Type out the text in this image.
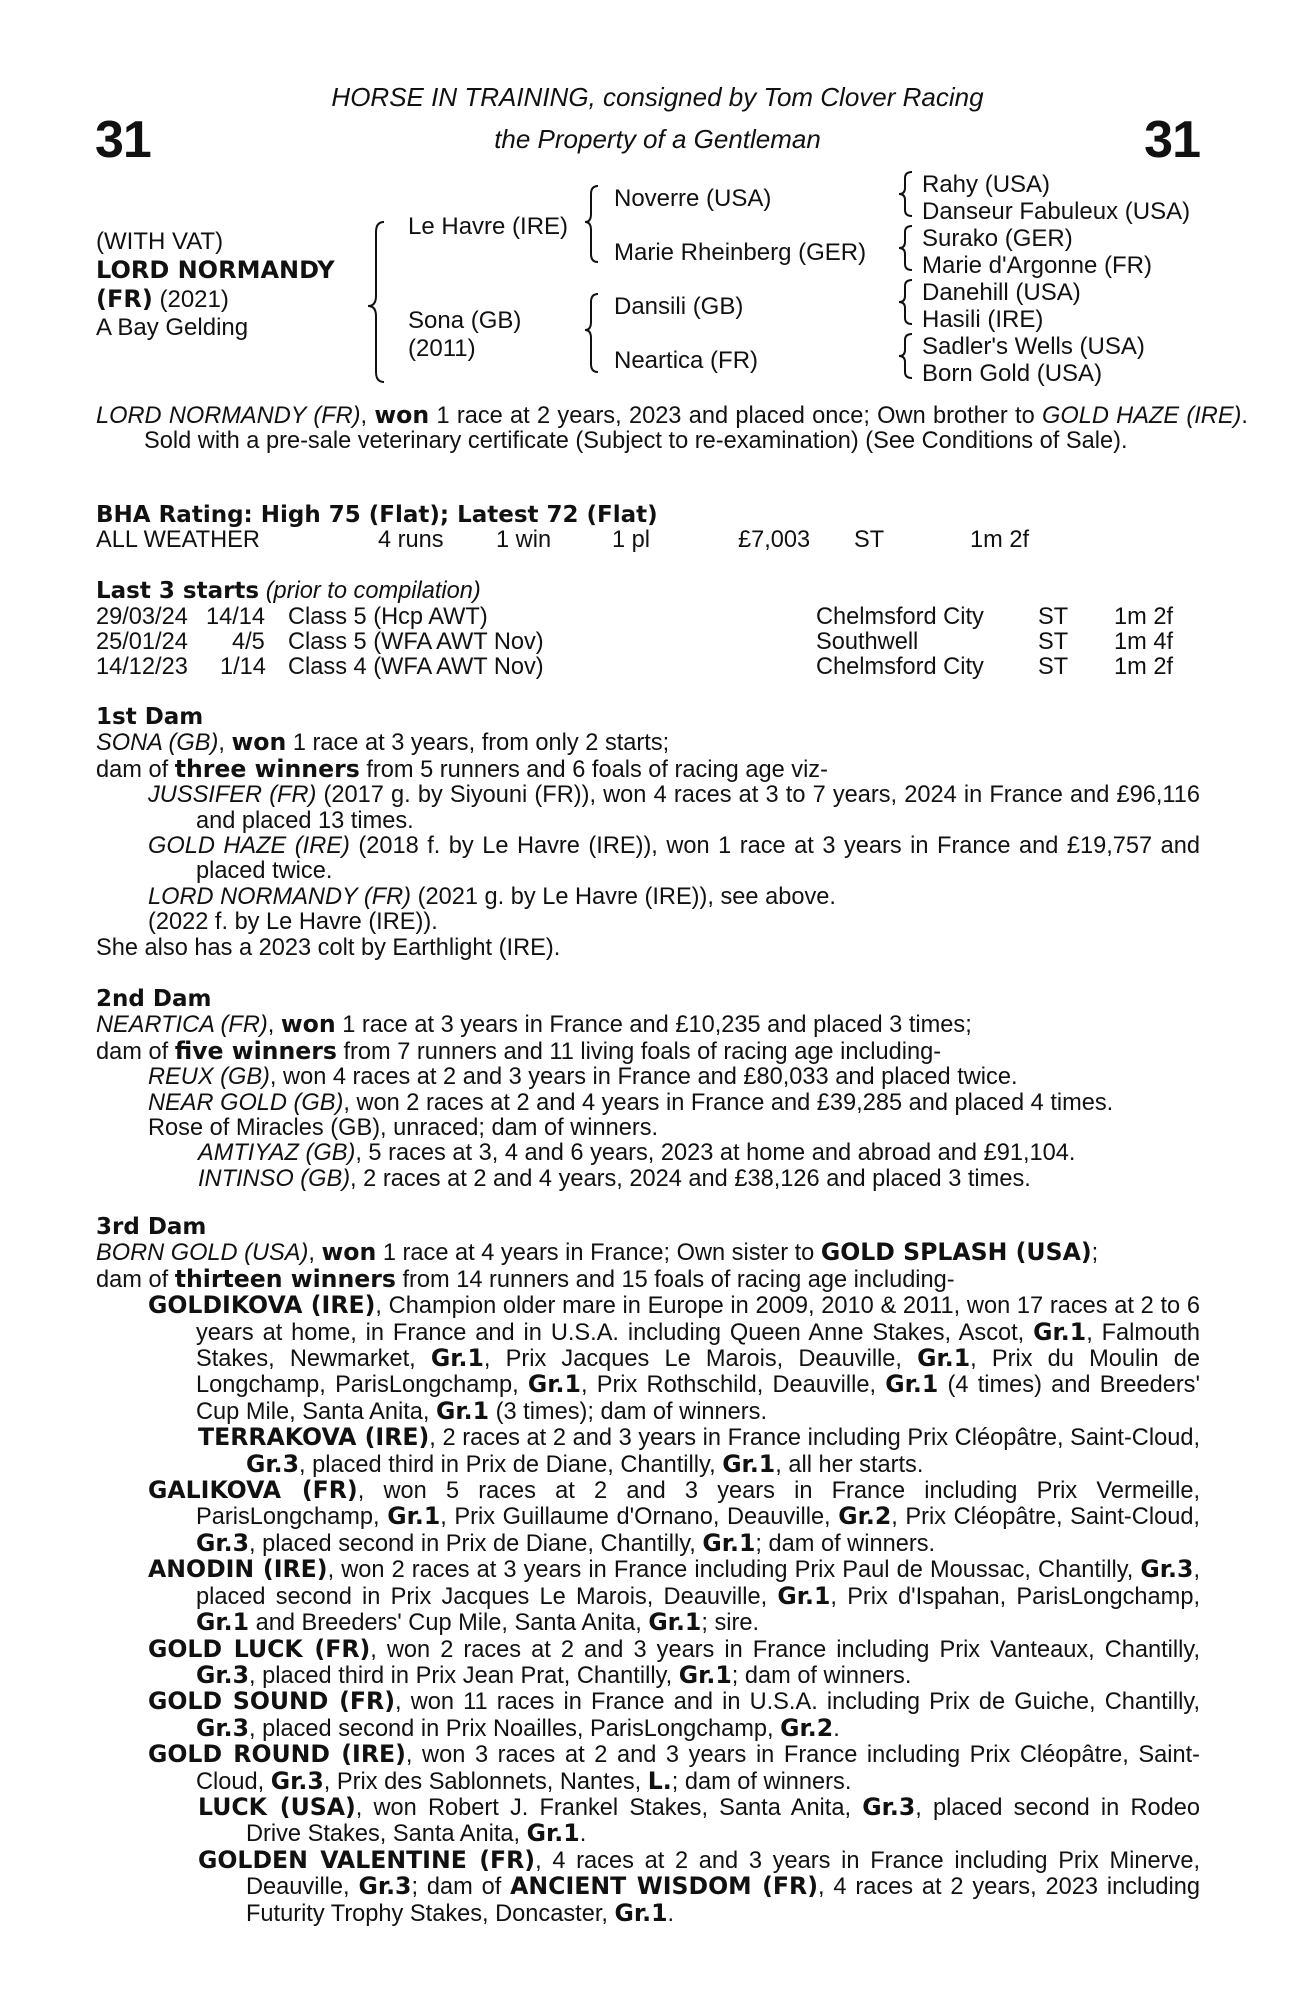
31	31
HORSE IN TRAINING, consigned by Tom Clover Racing
the Property of a Gentleman
(WITH VAT)
LORD NORMANDY
(FR) (2021)
A Bay Gelding
Le Havre (IRE)
Sona (GB)
(2011)
Noverre (USA)
Marie Rheinberg (GER)
Dansili (GB)
Neartica (FR)
Rahy (USA)
Danseur Fabuleux (USA)
Surako (GER)
Marie d'Argonne (FR)
Danehill (USA)
Hasili (IRE)
Sadler's Wells (USA)
Born Gold (USA)
LORD NORMANDY (FR), won 1 race at 2 years, 2023 and placed once; Own brother to GOLD HAZE (IRE). Sold with a pre-sale veterinary certificate (Subject to re-examination) (See Conditions of Sale).
BHA Rating: High 75 (Flat); Latest 72 (Flat)
ALL WEATHER	4 runs 1 win	1 pl	£7,003 ST	1m 2f
Last 3 starts (prior to compilation)
29/03/24 14/14 Class 5 (Hcp AWT)	Chelmsford City ST 1m 2f
25/01/24 4/5 Class 5 (WFA AWT Nov)	Southwell	ST 1m 4f
14/12/23 1/14 Class 4 (WFA AWT Nov)	Chelmsford City ST 1m 2f

1st Dam

SONA (GB), won 1 race at 3 years, from only 2 starts;

dam of three winners from 5 runners and 6 foals of racing age viz-

JUSSIFER (FR) (2017 g. by Siyouni (FR)), won 4 races at 3 to 7 years, 2024 in France and £96,116 and placed 13 times.

GOLD HAZE (IRE) (2018 f. by Le Havre (IRE)), won 1 race at 3 years in France and £19,757 and placed twice.

LORD NORMANDY (FR) (2021 g. by Le Havre (IRE)), see above.

(2022 f. by Le Havre (IRE)).

She also has a 2023 colt by Earthlight (IRE).

2nd Dam

NEARTICA (FR), won 1 race at 3 years in France and £10,235 and placed 3 times;

dam of five winners from 7 runners and 11 living foals of racing age including-

REUX (GB), won 4 races at 2 and 3 years in France and £80,033 and placed twice.

NEAR GOLD (GB), won 2 races at 2 and 4 years in France and £39,285 and placed 4 times.

Rose of Miracles (GB), unraced; dam of winners.

AMTIYAZ (GB), 5 races at 3, 4 and 6 years, 2023 at home and abroad and £91,104.

INTINSO (GB), 2 races at 2 and 4 years, 2024 and £38,126 and placed 3 times.

3rd Dam

BORN GOLD (USA), won 1 race at 4 years in France; Own sister to GOLD SPLASH (USA);

dam of thirteen winners from 14 runners and 15 foals of racing age including-

GOLDIKOVA (IRE), Champion older mare in Europe in 2009, 2010 & 2011, won 17 races at 2 to 6 years at home, in France and in U.S.A. including Queen Anne Stakes, Ascot, Gr.1, Falmouth Stakes, Newmarket, Gr.1, Prix Jacques Le Marois, Deauville, Gr.1, Prix du Moulin de Longchamp, ParisLongchamp, Gr.1, Prix Rothschild, Deauville, Gr.1 (4 times) and Breeders' Cup Mile, Santa Anita, Gr.1 (3 times); dam of winners.

TERRAKOVA (IRE), 2 races at 2 and 3 years in France including Prix Cléopâtre, Saint-Cloud, Gr.3, placed third in Prix de Diane, Chantilly, Gr.1, all her starts.

GALIKOVA (FR), won 5 races at 2 and 3 years in France including Prix Vermeille, ParisLongchamp, Gr.1, Prix Guillaume d'Ornano, Deauville, Gr.2, Prix Cléopâtre, Saint-Cloud, Gr.3, placed second in Prix de Diane, Chantilly, Gr.1; dam of winners.

ANODIN (IRE), won 2 races at 3 years in France including Prix Paul de Moussac, Chantilly, Gr.3, placed second in Prix Jacques Le Marois, Deauville, Gr.1, Prix d'Ispahan, ParisLongchamp, Gr.1 and Breeders' Cup Mile, Santa Anita, Gr.1; sire.

GOLD LUCK (FR), won 2 races at 2 and 3 years in France including Prix Vanteaux, Chantilly, Gr.3, placed third in Prix Jean Prat, Chantilly, Gr.1; dam of winners.

GOLD SOUND (FR), won 11 races in France and in U.S.A. including Prix de Guiche, Chantilly, Gr.3, placed second in Prix Noailles, ParisLongchamp, Gr.2.

GOLD ROUND (IRE), won 3 races at 2 and 3 years in France including Prix Cléopâtre, Saint-Cloud, Gr.3, Prix des Sablonnets, Nantes, L.; dam of winners.

LUCK (USA), won Robert J. Frankel Stakes, Santa Anita, Gr.3, placed second in Rodeo Drive Stakes, Santa Anita, Gr.1.

GOLDEN VALENTINE (FR), 4 races at 2 and 3 years in France including Prix Minerve, Deauville, Gr.3; dam of ANCIENT WISDOM (FR), 4 races at 2 years, 2023 including Futurity Trophy Stakes, Doncaster, Gr.1.
